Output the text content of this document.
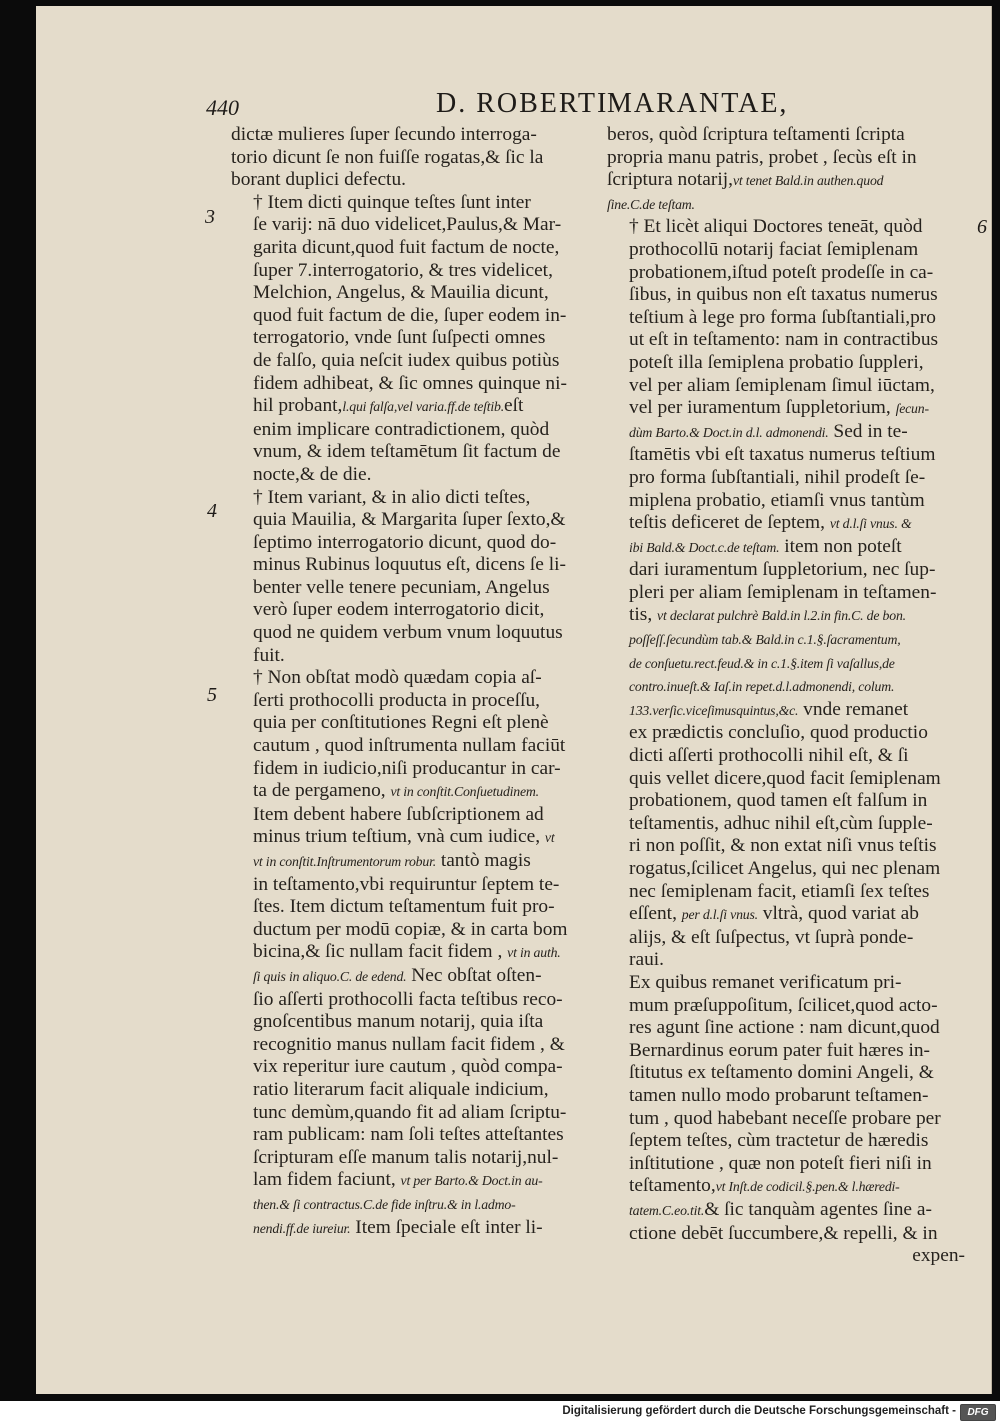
440	D. ROBERTI
MARANTAE,
3
4
5
6
dictæ mulieres ſuper ſecundo interroga-
torio dicunt ſe non fuiſſe rogatas,& ſic la
borant duplici defectu.
† Item dicti quinque teſtes ſunt inter
ſe varij: nā duo videlicet,Paulus,& Mar-
garita dicunt,quod fuit factum de nocte,
ſuper 7.interrogatorio, & tres videlicet,
Melchion, Angelus, & Mauilia dicunt,
quod fuit factum de die, ſuper eodem in-
terrogatorio, vnde ſunt ſuſpecti omnes
de falſo, quia neſcit iudex quibus potiùs
fidem adhibeat, & ſic omnes quinque ni-
hil probant,l.qui falſa,vel varia.ff.de teſtib.eſt
enim implicare contradictionem, quòd
vnum, & idem teſtamētum ſit factum de
nocte,& de die.
† Item variant, & in alio dicti teſtes,
quia Mauilia, & Margarita ſuper ſexto,&
ſeptimo interrogatorio dicunt, quod do-
minus Rubinus loquutus eſt, dicens ſe li-
benter velle tenere pecuniam, Angelus
verò ſuper eodem interrogatorio dicit,
quod ne quidem verbum vnum loquutus
fuit.
† Non obſtat modò quædam copia aſ-
ſerti prothocolli producta in proceſſu,
quia per conſtitutiones Regni eſt plenè
cautum , quod inſtrumenta nullam faciūt
fidem in iudicio,niſi producantur in car-
ta de pergameno, vt in conſtit.Conſuetudinem.
Item debent habere ſubſcriptionem ad
minus trium teſtium, vnà cum iudice, vt
vt in conſtit.Inſtrumentorum robur. tantò magis
in teſtamento,vbi requiruntur ſeptem te-
ſtes. Item dictum teſtamentum fuit pro-
ductum per modū copiæ, & in carta bom
bicina,& ſic nullam facit fidem , vt in auth.
ſi quis in aliquo.C. de edend. Nec obſtat oſten-
ſio aſſerti prothocolli facta teſtibus reco-
gnoſcentibus manum notarij, quia iſta
recognitio manus nullam facit fidem , &
vix reperitur iure cautum , quòd compa-
ratio literarum facit aliquale indicium,
tunc demùm,quando fit ad aliam ſcriptu-
ram publicam: nam ſoli teſtes atteſtantes
ſcripturam eſſe manum talis notarij,nul-
lam fidem faciunt, vt per Barto.& Doct.in au-
then.& ſi contractus.C.de fide inſtru.& in l.admo-
nendi.ff.de iureiur. Item ſpeciale eſt inter li-
beros, quòd ſcriptura teſtamenti ſcripta
propria manu patris, probet , ſecùs eſt in
ſcriptura notarij,vt tenet Bald.in authen.quod
ſine.C.de teſtam.
† Et licèt aliqui Doctores teneāt, quòd
prothocollū notarij faciat ſemiplenam
probationem,iſtud poteſt prodeſſe in ca-
ſibus, in quibus non eſt taxatus numerus
teſtium à lege pro forma ſubſtantiali,pro
ut eſt in teſtamento: nam in contractibus
poteſt illa ſemiplena probatio ſuppleri,
vel per aliam ſemiplenam ſimul iūctam,
vel per iuramentum ſuppletorium, ſecun-
dùm Barto.& Doct.in d.l. admonendi. Sed in te-
ſtamētis vbi eſt taxatus numerus teſtium
pro forma ſubſtantiali, nihil prodeſt ſe-
miplena probatio, etiamſi vnus tantùm
teſtis deficeret de ſeptem, vt d.l.ſi vnus. &
ibi Bald.& Doct.c.de teſtam. item non poteſt
dari iuramentum ſuppletorium, nec ſup-
pleri per aliam ſemiplenam in teſtamen-
tis, vt declarat pulchrè Bald.in l.2.in fin.C. de bon.
poſſeſſ.ſecundùm tab.& Bald.in c.1.§.ſacramentum,
de conſuetu.rect.feud.& in c.1.§.item ſi vaſallus,de
contro.inueſt.& Iaſ.in repet.d.l.admonendi, colum.
133.verſic.viceſimusquintus,&c. vnde remanet
ex prædictis concluſio, quod productio
dicti aſſerti prothocolli nihil eſt, & ſi
quis vellet dicere,quod facit ſemiplenam
probationem, quod tamen eſt falſum in
teſtamentis, adhuc nihil eſt,cùm ſupple-
ri non poſſit, & non extat niſi vnus teſtis
rogatus,ſcilicet Angelus, qui nec plenam
nec ſemiplenam facit, etiamſi ſex teſtes
eſſent, per d.l.ſi vnus. vltrà, quod variat ab
alijs, & eſt ſuſpectus, vt ſuprà ponde-
raui.
Ex quibus remanet verificatum pri-
mum præſuppoſitum, ſcilicet,quod acto-
res agunt ſine actione : nam dicunt,quod
Bernardinus eorum pater fuit hæres in-
ſtitutus ex teſtamento domini Angeli, &
tamen nullo modo probarunt teſtamen-
tum , quod habebant neceſſe probare per
ſeptem teſtes, cùm tractetur de hæredis
inſtitutione , quæ non poteſt fieri niſi in
teſtamento,vt Inſt.de codicil.§.pen.& l.hæredi-
tatem.C.eo.tit.& ſic tanquàm agentes ſine a-
ctione debēt ſuccumbere,& repelli, & in
expen-
Digitalisierung gefördert durch die Deutsche Forschungsgemeinschaft -	DFG
